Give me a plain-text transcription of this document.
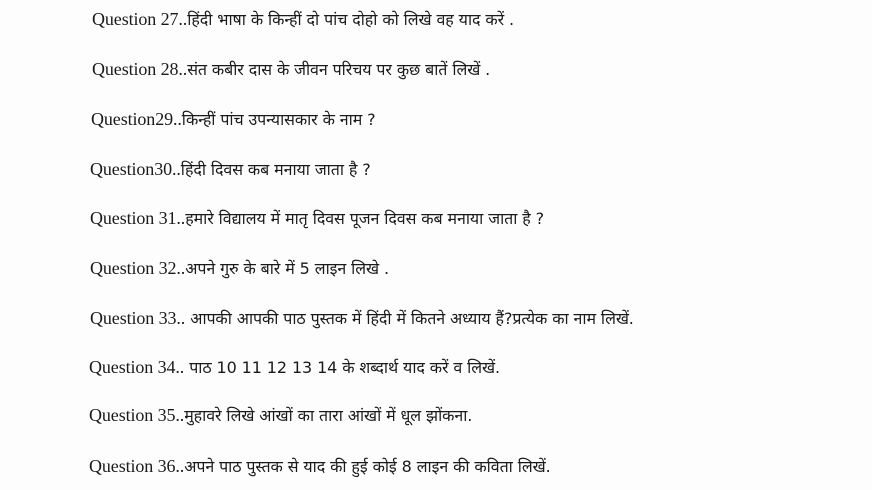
Question 27..हिंदी भाषा के किन्हीं दो पांच दोहो को लिखे वह याद करें .
Question 28..संत कबीर दास के जीवन परिचय पर कुछ बातें लिखें .
Question29..किन्हीं पांच उपन्यासकार के नाम ?
Question30..हिंदी दिवस कब मनाया जाता है ?
Question 31..हमारे विद्यालय में मातृ दिवस पूजन दिवस कब मनाया जाता है ?
Question 32..अपने गुरु के बारे में 5 लाइन लिखे .
Question 33.. आपकी आपकी पाठ पुस्तक में हिंदी में कितने अध्याय हैं?प्रत्येक का नाम लिखें.
Question 34.. पाठ 10 11 12 13 14 के शब्दार्थ याद करें व लिखें.
Question 35..मुहावरे लिखे आंखों का तारा आंखों में धूल झोंकना.
Question 36..अपने पाठ पुस्तक से याद की हुई कोई 8 लाइन की कविता लिखें.
